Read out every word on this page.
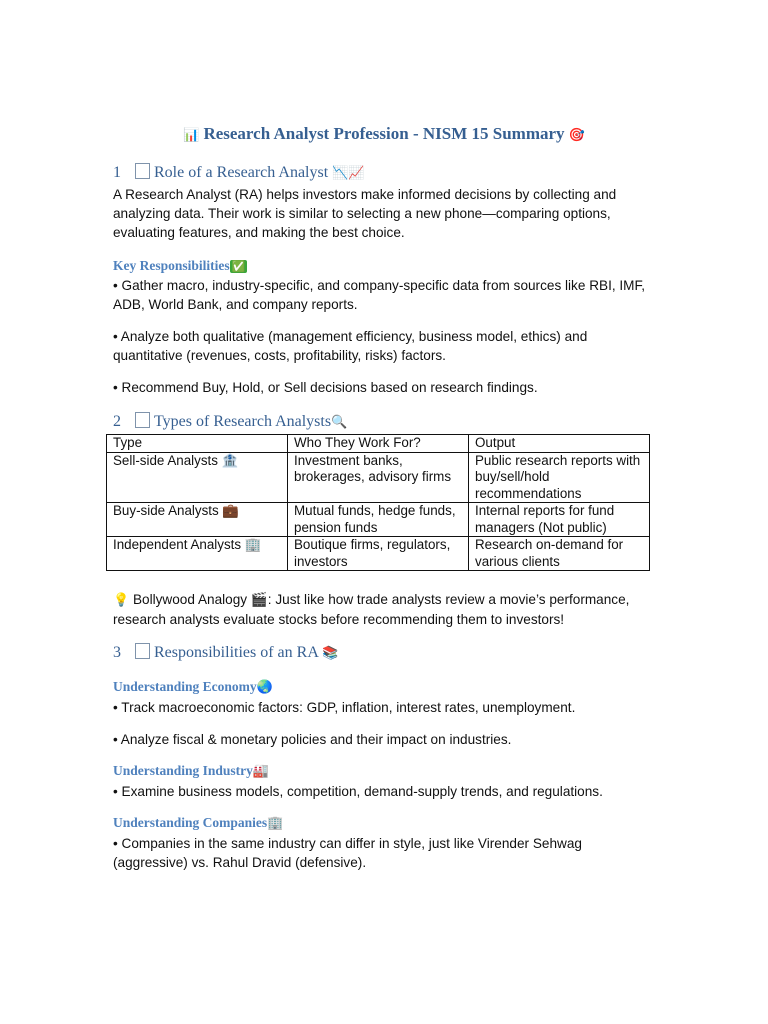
📊 Research Analyst Profession - NISM 15 Summary 🎯
1 Role of a Research Analyst 📉📈
A Research Analyst (RA) helps investors make informed decisions by collecting and analyzing data. Their work is similar to selecting a new phone—comparing options, evaluating features, and making the best choice.
Key Responsibilities ✅
• Gather macro, industry-specific, and company-specific data from sources like RBI, IMF, ADB, World Bank, and company reports.
• Analyze both qualitative (management efficiency, business model, ethics) and quantitative (revenues, costs, profitability, risks) factors.
• Recommend Buy, Hold, or Sell decisions based on research findings.
2 Types of Research Analysts🔍
Type	Who They Work For?	Output
Sell-side Analysts 🏦	Investment banks, brokerages, advisory firms	Public research reports with buy/sell/hold recommendations
Buy-side Analysts 💼	Mutual funds, hedge funds, pension funds	Internal reports for fund managers (Not public)
Independent Analysts 🏢	Boutique firms, regulators, investors	Research on-demand for various clients
💡 Bollywood Analogy 🎬: Just like how trade analysts review a movie’s performance, research analysts evaluate stocks before recommending them to investors!
3 Responsibilities of an RA 📚
Understanding Economy🌏
• Track macroeconomic factors: GDP, inflation, interest rates, unemployment.
• Analyze fiscal & monetary policies and their impact on industries.
Understanding Industry🏭
• Examine business models, competition, demand-supply trends, and regulations.
Understanding Companies🏢
• Companies in the same industry can differ in style, just like Virender Sehwag (aggressive) vs. Rahul Dravid (defensive).
